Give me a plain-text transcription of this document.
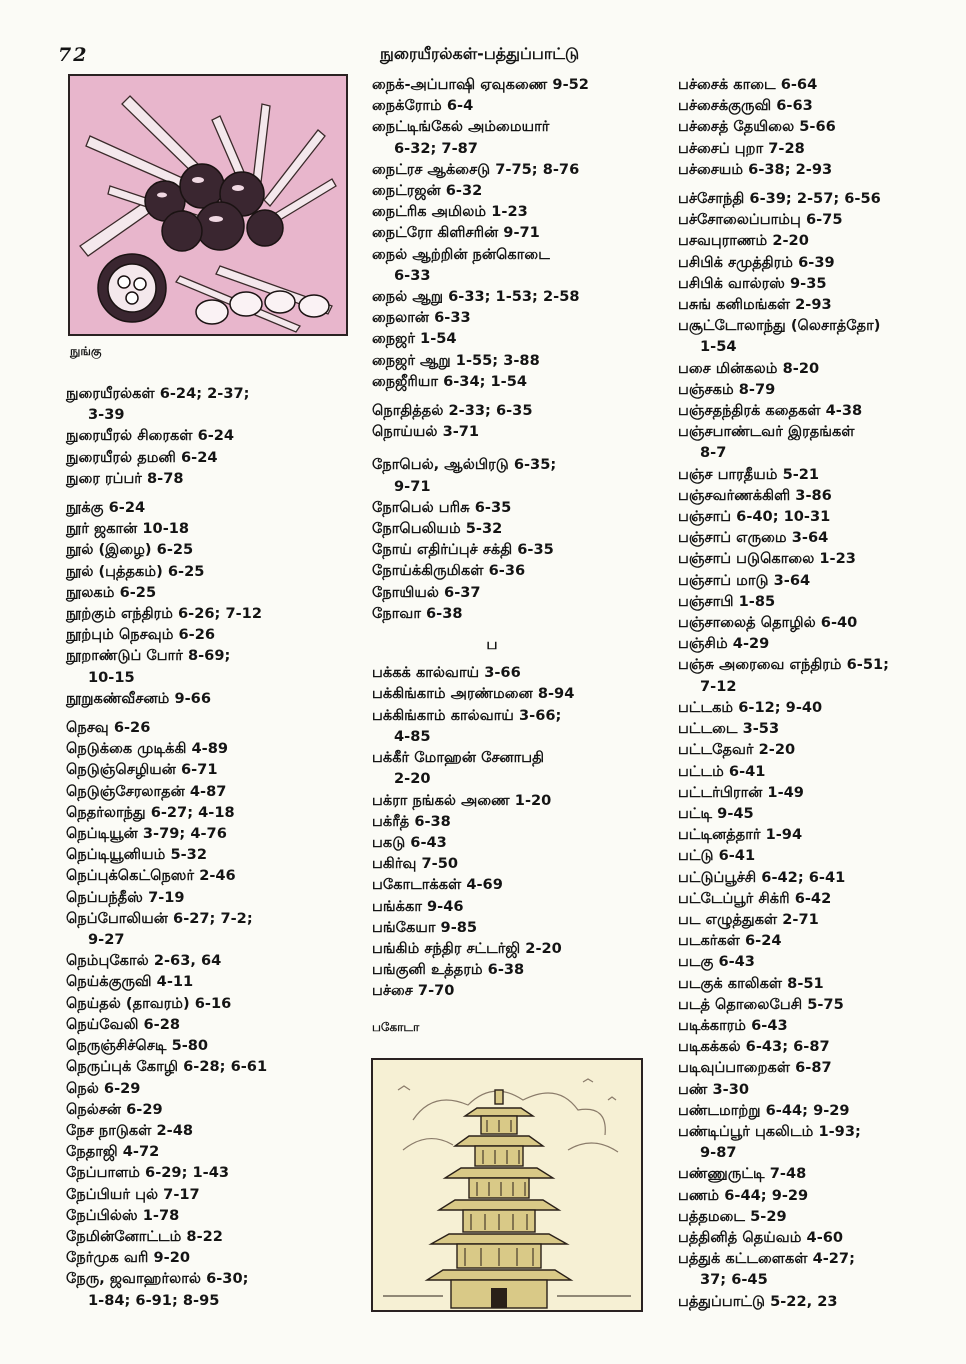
72	நுரையீரல்கள்-பத்துப்பாட்டு
நுங்கு
நுரையீரல்கள் 6-24; 2-37;
3-39
நுரையீரல் சிரைகள் 6-24
நுரையீரல் தமனி 6-24
நுரை ரப்பர் 8-78
நூக்கு 6-24
நூர் ஜகான் 10-18
நூல் (இழை) 6-25
நூல் (புத்தகம்) 6-25
நூலகம் 6-25
நூற்கும் எந்திரம் 6-26; 7-12
நூற்பும் நெசவும் 6-26
நூறாண்டுப் போர் 8-69;
10-15
நூறுகண்வீசனம் 9-66
நெசவு 6-26
நெடுக்கை முடிக்கி 4-89
நெடுஞ்செழியன் 6-71
நெடுஞ்சேரலாதன் 4-87
நெதர்லாந்து 6-27; 4-18
நெப்டியூன் 3-79; 4-76
நெப்டியூனியம் 5-32
நெப்புக்கெட்நெஸர் 2-46
நெப்பந்தீஸ் 7-19
நெப்போலியன் 6-27; 7-2;
9-27
நெம்புகோல் 2-63, 64
நெய்க்குருவி 4-11
நெய்தல் (தாவரம்) 6-16
நெய்வேலி 6-28
நெருஞ்சிச்செடி 5-80
நெருப்புக் கோழி 6-28; 6-61
நெல் 6-29
நெல்சன் 6-29
நேச நாடுகள் 2-48
நேதாஜி 4-72
நேப்பாளம் 6-29; 1-43
நேப்பியர் புல் 7-17
நேப்பில்ஸ் 1-78
நேமின்னோட்டம் 8-22
நேர்முக வரி 9-20
நேரு, ஜவாஹர்லால் 6-30;
1-84; 6-91; 8-95
நைக்-அப்பாஷி ஏவுகணை 9-52
நைக்ரோம் 6-4
நைட்டிங்கேல் அம்மையார்
6-32; 7-87
நைட்ரச ஆக்சைடு 7-75; 8-76
நைட்ரஜன் 6-32
நைட்ரிக அமிலம் 1-23
நைட்ரோ கிளிசரின் 9-71
நைல் ஆற்றின் நன்கொடை
6-33
நைல் ஆறு 6-33; 1-53; 2-58
நைலான் 6-33
நைஜர் 1-54
நைஜர் ஆறு 1-55; 3-88
நைஜீரியா 6-34; 1-54
நொதித்தல் 2-33; 6-35
நொய்யல் 3-71
நோபெல், ஆல்பிரடு 6-35;
9-71
நோபெல் பரிசு 6-35
நோபெலியம் 5-32
நோய் எதிர்ப்புச் சக்தி 6-35
நோய்க்கிருமிகள் 6-36
நோயியல் 6-37
நோவா 6-38
ப
பக்கக் கால்வாய் 3-66
பக்கிங்காம் அரண்மனை 8-94
பக்கிங்காம் கால்வாய் 3-66;
4-85
பக்கீர் மோஹன் சேனாபதி
2-20
பக்ரா நங்கல் அணை 1-20
பக்ரீத் 6-38
பகடு 6-43
பகிர்வு 7-50
பகோடாக்கள் 4-69
பங்க்கா 9-46
பங்கேயா 9-85
பங்கிம் சந்திர சட்டர்ஜி 2-20
பங்குனி உத்தரம் 6-38
பச்சை 7-70
பகோடா
பச்சைக் காடை 6-64
பச்சைக்குருவி 6-63
பச்சைத் தேயிலை 5-66
பச்சைப் புறா 7-28
பச்சையம் 6-38; 2-93
பச்சோந்தி 6-39; 2-57; 6-56
பச்சோலைப்பாம்பு 6-75
பசவபுராணம் 2-20
பசிபிக் சமுத்திரம் 6-39
பசிபிக் வால்ரஸ் 9-35
பசுங் கனிமங்கள் 2-93
பசூட்டோலாந்து (லெசாத்தோ)
1-54
பசை மின்கலம் 8-20
பஞ்சகம் 8-79
பஞ்சதந்திரக் கதைகள் 4-38
பஞ்சபாண்டவர் இரதங்கள்
8-7
பஞ்ச பாரதீயம் 5-21
பஞ்சவர்ணக்கிளி 3-86
பஞ்சாப் 6-40; 10-31
பஞ்சாப் எருமை 3-64
பஞ்சாப் படுகொலை 1-23
பஞ்சாப் மாடு 3-64
பஞ்சாபி 1-85
பஞ்சாலைத் தொழில் 6-40
பஞ்சிம் 4-29
பஞ்சு அரைவை எந்திரம் 6-51;
7-12
பட்டகம் 6-12; 9-40
பட்டடை 3-53
பட்டதேவர் 2-20
பட்டம் 6-41
பட்டர்பிரான் 1-49
பட்டி 9-45
பட்டினத்தார் 1-94
பட்டு 6-41
பட்டுப்பூச்சி 6-42; 6-41
பட்டேப்பூர் சிக்ரி 6-42
பட எழுத்துகள் 2-71
படகர்கள் 6-24
படகு 6-43
படகுக் காலிகள் 8-51
படத் தொலைபேசி 5-75
படிக்காரம் 6-43
படிகக்கல் 6-43; 6-87
படிவுப்பாறைகள் 6-87
பண் 3-30
பண்டமாற்று 6-44; 9-29
பண்டிப்பூர் புகலிடம் 1-93;
9-87
பண்ணுருட்டி 7-48
பணம் 6-44; 9-29
பத்தமடை 5-29
பத்தினித் தெய்வம் 4-60
பத்துக் கட்டளைகள் 4-27;
37; 6-45
பத்துப்பாட்டு 5-22, 23
